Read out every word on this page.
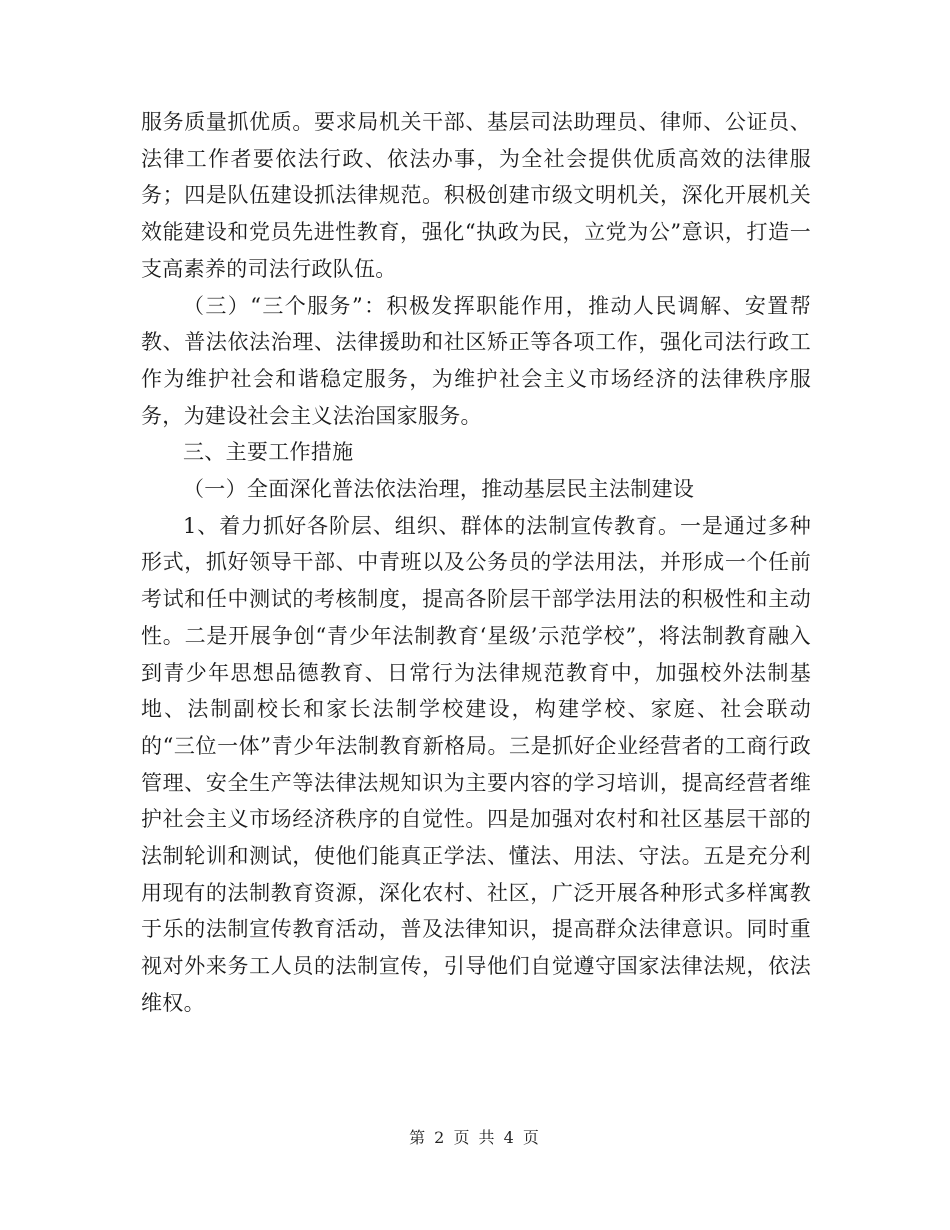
服务质量抓优质。要求局机关干部、基层司法助理员、律师、公证员、法律工作者要依法行政、依法办事，为全社会提供优质高效的法律服务；四是队伍建设抓法律规范。积极创建市级文明机关，深化开展机关效能建设和党员先进性教育，强化“执政为民，立党为公”意识，打造一支高素养的司法行政队伍。

（三）“三个服务”：积极发挥职能作用，推动人民调解、安置帮教、普法依法治理、法律援助和社区矫正等各项工作，强化司法行政工作为维护社会和谐稳定服务，为维护社会主义市场经济的法律秩序服务，为建设社会主义法治国家服务。

三、主要工作措施

（一）全面深化普法依法治理，推动基层民主法制建设

1、着力抓好各阶层、组织、群体的法制宣传教育。一是通过多种形式，抓好领导干部、中青班以及公务员的学法用法，并形成一个任前考试和任中测试的考核制度，提高各阶层干部学法用法的积极性和主动性。二是开展争创“青少年法制教育‘星级’示范学校”，将法制教育融入到青少年思想品德教育、日常行为法律规范教育中，加强校外法制基地、法制副校长和家长法制学校建设，构建学校、家庭、社会联动的“三位一体”青少年法制教育新格局。三是抓好企业经营者的工商行政管理、安全生产等法律法规知识为主要内容的学习培训，提高经营者维护社会主义市场经济秩序的自觉性。四是加强对农村和社区基层干部的法制轮训和测试，使他们能真正学法、懂法、用法、守法。五是充分利用现有的法制教育资源，深化农村、社区，广泛开展各种形式多样寓教于乐的法制宣传教育活动，普及法律知识，提高群众法律意识。同时重视对外来务工人员的法制宣传，引导他们自觉遵守国家法律法规，依法维权。

第 2 页 共 4 页
